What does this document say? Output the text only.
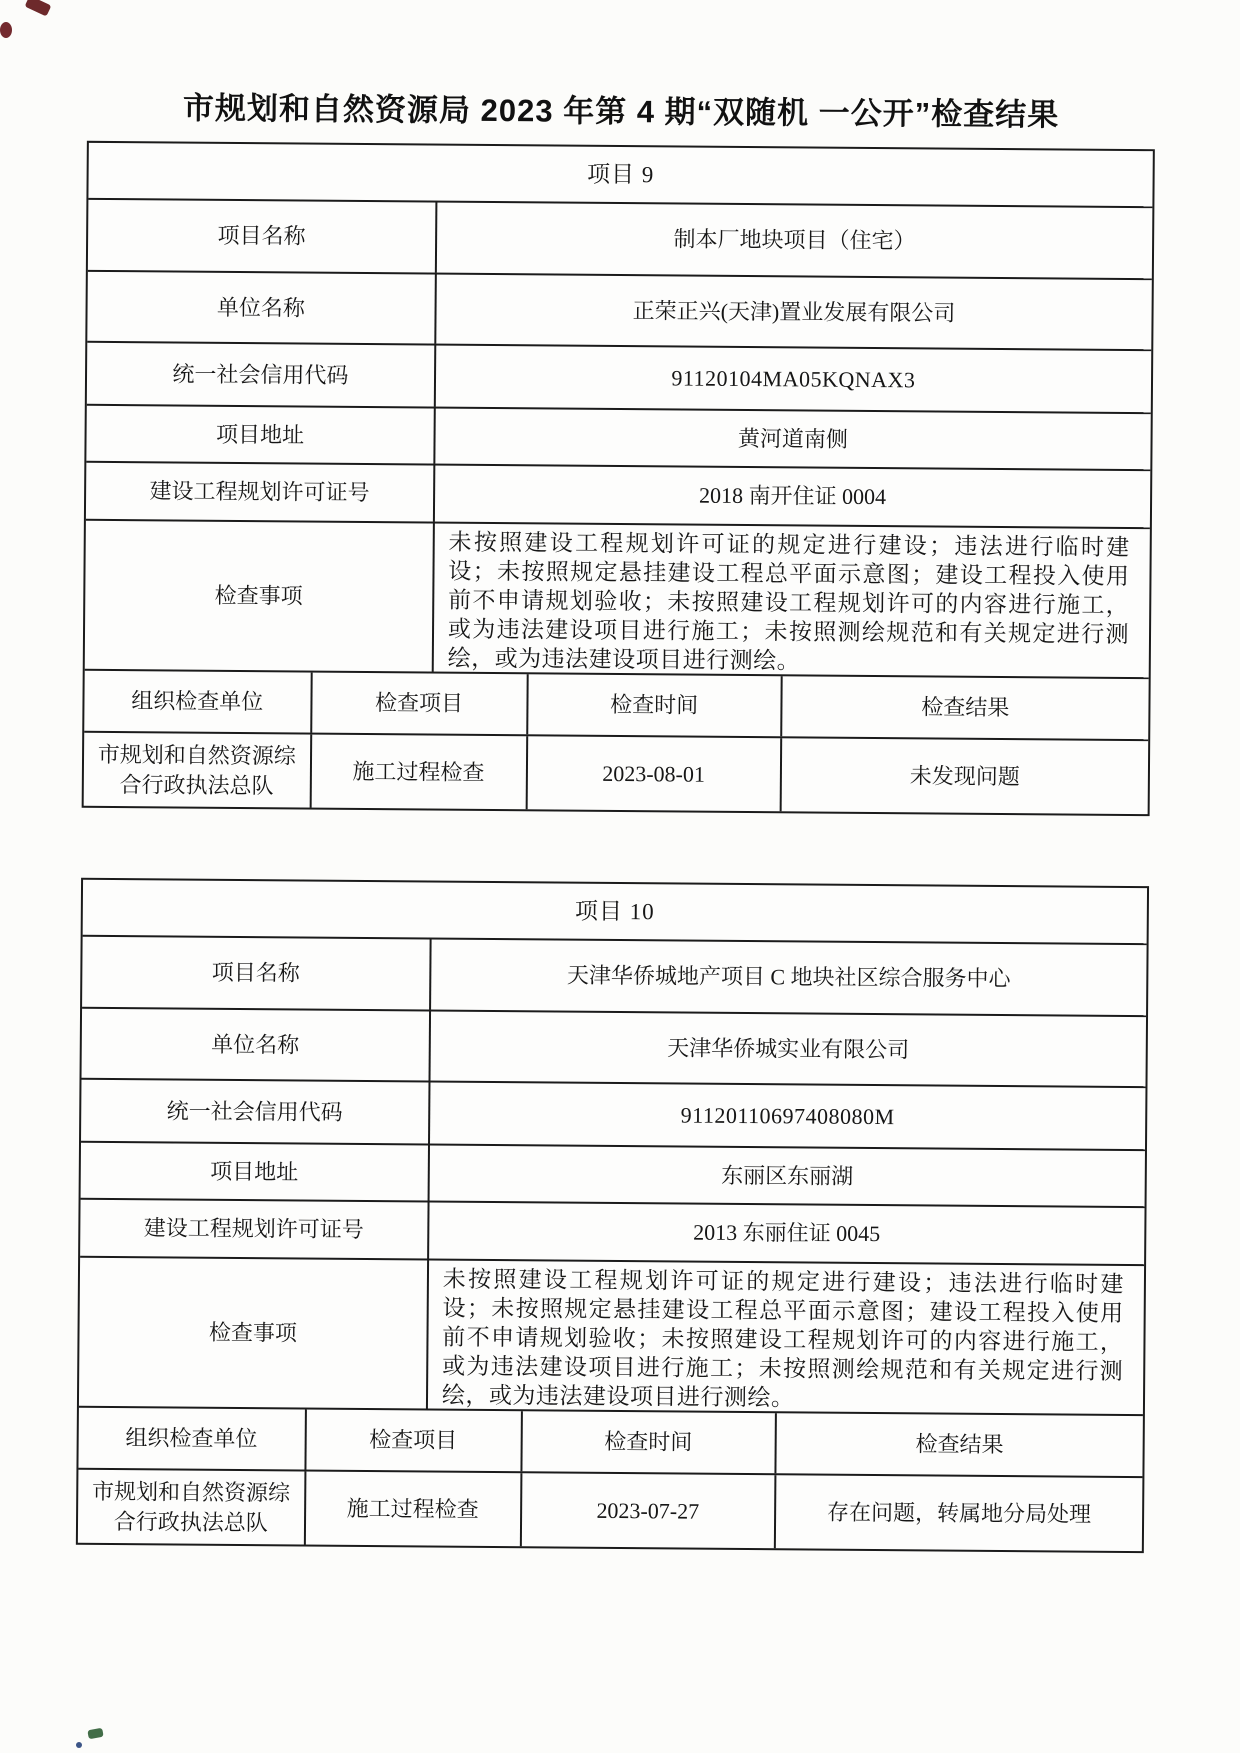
市规划和自然资源局 2023 年第 4 期“双随机 一公开”检查结果
项目 9
项目名称	制本厂地块项目（住宅）
单位名称	正荣正兴(天津)置业发展有限公司
统一社会信用代码	91120104MA05KQNAX3
项目地址	黄河道南侧
建设工程规划许可证号	2018 南开住证 0004
检查事项
未按照建设工程规划许可证的规定进行建设；违法进行临时建设；未按照规定悬挂建设工程总平面示意图；建设工程投入使用前不申请规划验收；未按照建设工程规划许可的内容进行施工，或为违法建设项目进行施工；未按照测绘规范和有关规定进行测绘，或为违法建设项目进行测绘。
组织检查单位	检查项目	检查时间	检查结果
市规划和自然资源综合行政执法总队	施工过程检查	2023-08-01	未发现问题
项目 10
项目名称	天津华侨城地产项目 C 地块社区综合服务中心
单位名称	天津华侨城实业有限公司
统一社会信用代码	91120110697408080M
项目地址	东丽区东丽湖
建设工程规划许可证号	2013 东丽住证 0045
检查事项
未按照建设工程规划许可证的规定进行建设；违法进行临时建设；未按照规定悬挂建设工程总平面示意图；建设工程投入使用前不申请规划验收；未按照建设工程规划许可的内容进行施工，或为违法建设项目进行施工；未按照测绘规范和有关规定进行测绘，或为违法建设项目进行测绘。
组织检查单位	检查项目	检查时间	检查结果
市规划和自然资源综合行政执法总队	施工过程检查	2023-07-27	存在问题，转属地分局处理
